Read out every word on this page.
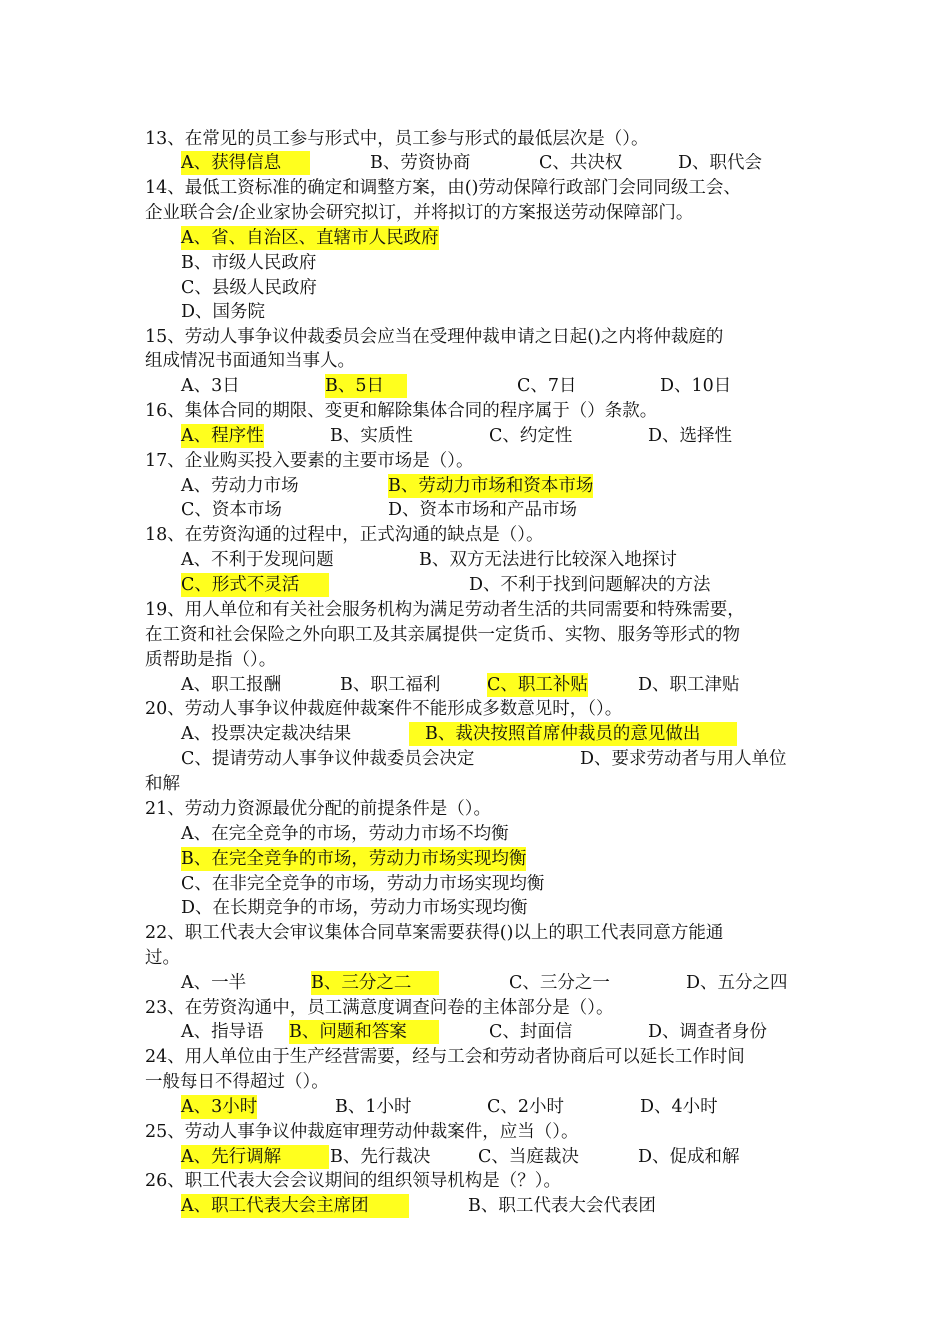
13、在常见的员工参与形式中，员工参与形式的最低层次是（）。
A、获得信息	B、劳资协商	C、共决权	D、职代会
14、最低工资标准的确定和调整方案，由()劳动保障行政部门会同同级工会、
企业联合会/企业家协会研究拟订，并将拟订的方案报送劳动保障部门。
A、省、自治区、直辖市人民政府
B、市级人民政府
C、县级人民政府
D、国务院
15、劳动人事争议仲裁委员会应当在受理仲裁申请之日起()之内将仲裁庭的
组成情况书面通知当事人。
A、3日	B、5日	C、7日	D、10日
16、集体合同的期限、变更和解除集体合同的程序属于（）条款。
A、程序性	B、实质性	C、约定性	D、选择性
17、企业购买投入要素的主要市场是（）。
A、劳动力市场	B、劳动力市场和资本市场
C、资本市场	D、资本市场和产品市场
18、在劳资沟通的过程中，正式沟通的缺点是（）。
A、不利于发现问题	B、双方无法进行比较深入地探讨
C、形式不灵活	D、不利于找到问题解决的方法
19、用人单位和有关社会服务机构为满足劳动者生活的共同需要和特殊需要，
在工资和社会保险之外向职工及其亲属提供一定货币、实物、服务等形式的物
质帮助是指（）。
A、职工报酬	B、职工福利	C、职工补贴	D、职工津贴
20、劳动人事争议仲裁庭仲裁案件不能形成多数意见时，（）。
A、投票决定裁决结果	B、裁决按照首席仲裁员的意见做出
C、提请劳动人事争议仲裁委员会决定	D、要求劳动者与用人单位
和解
21、劳动力资源最优分配的前提条件是（）。
A、在完全竞争的市场，劳动力市场不均衡
B、在完全竞争的市场，劳动力市场实现均衡
C、在非完全竞争的市场，劳动力市场实现均衡
D、在长期竞争的市场，劳动力市场实现均衡
22、职工代表大会审议集体合同草案需要获得()以上的职工代表同意方能通
过。
A、一半	B、三分之二	C、三分之一	D、五分之四
23、在劳资沟通中，员工满意度调查问卷的主体部分是（）。
A、指导语 B、问题和答案	C、封面信	D、调查者身份
24、用人单位由于生产经营需要，经与工会和劳动者协商后可以延长工作时间
一般每日不得超过（）。
A、3小时	B、1小时	C、2小时	D、4小时
25、劳动人事争议仲裁庭审理劳动仲裁案件，应当（）。
A、先行调解	B、先行裁决	C、当庭裁决	D、促成和解
26、职工代表大会会议期间的组织领导机构是（？）。
A、职工代表大会主席团	B、职工代表大会代表团
